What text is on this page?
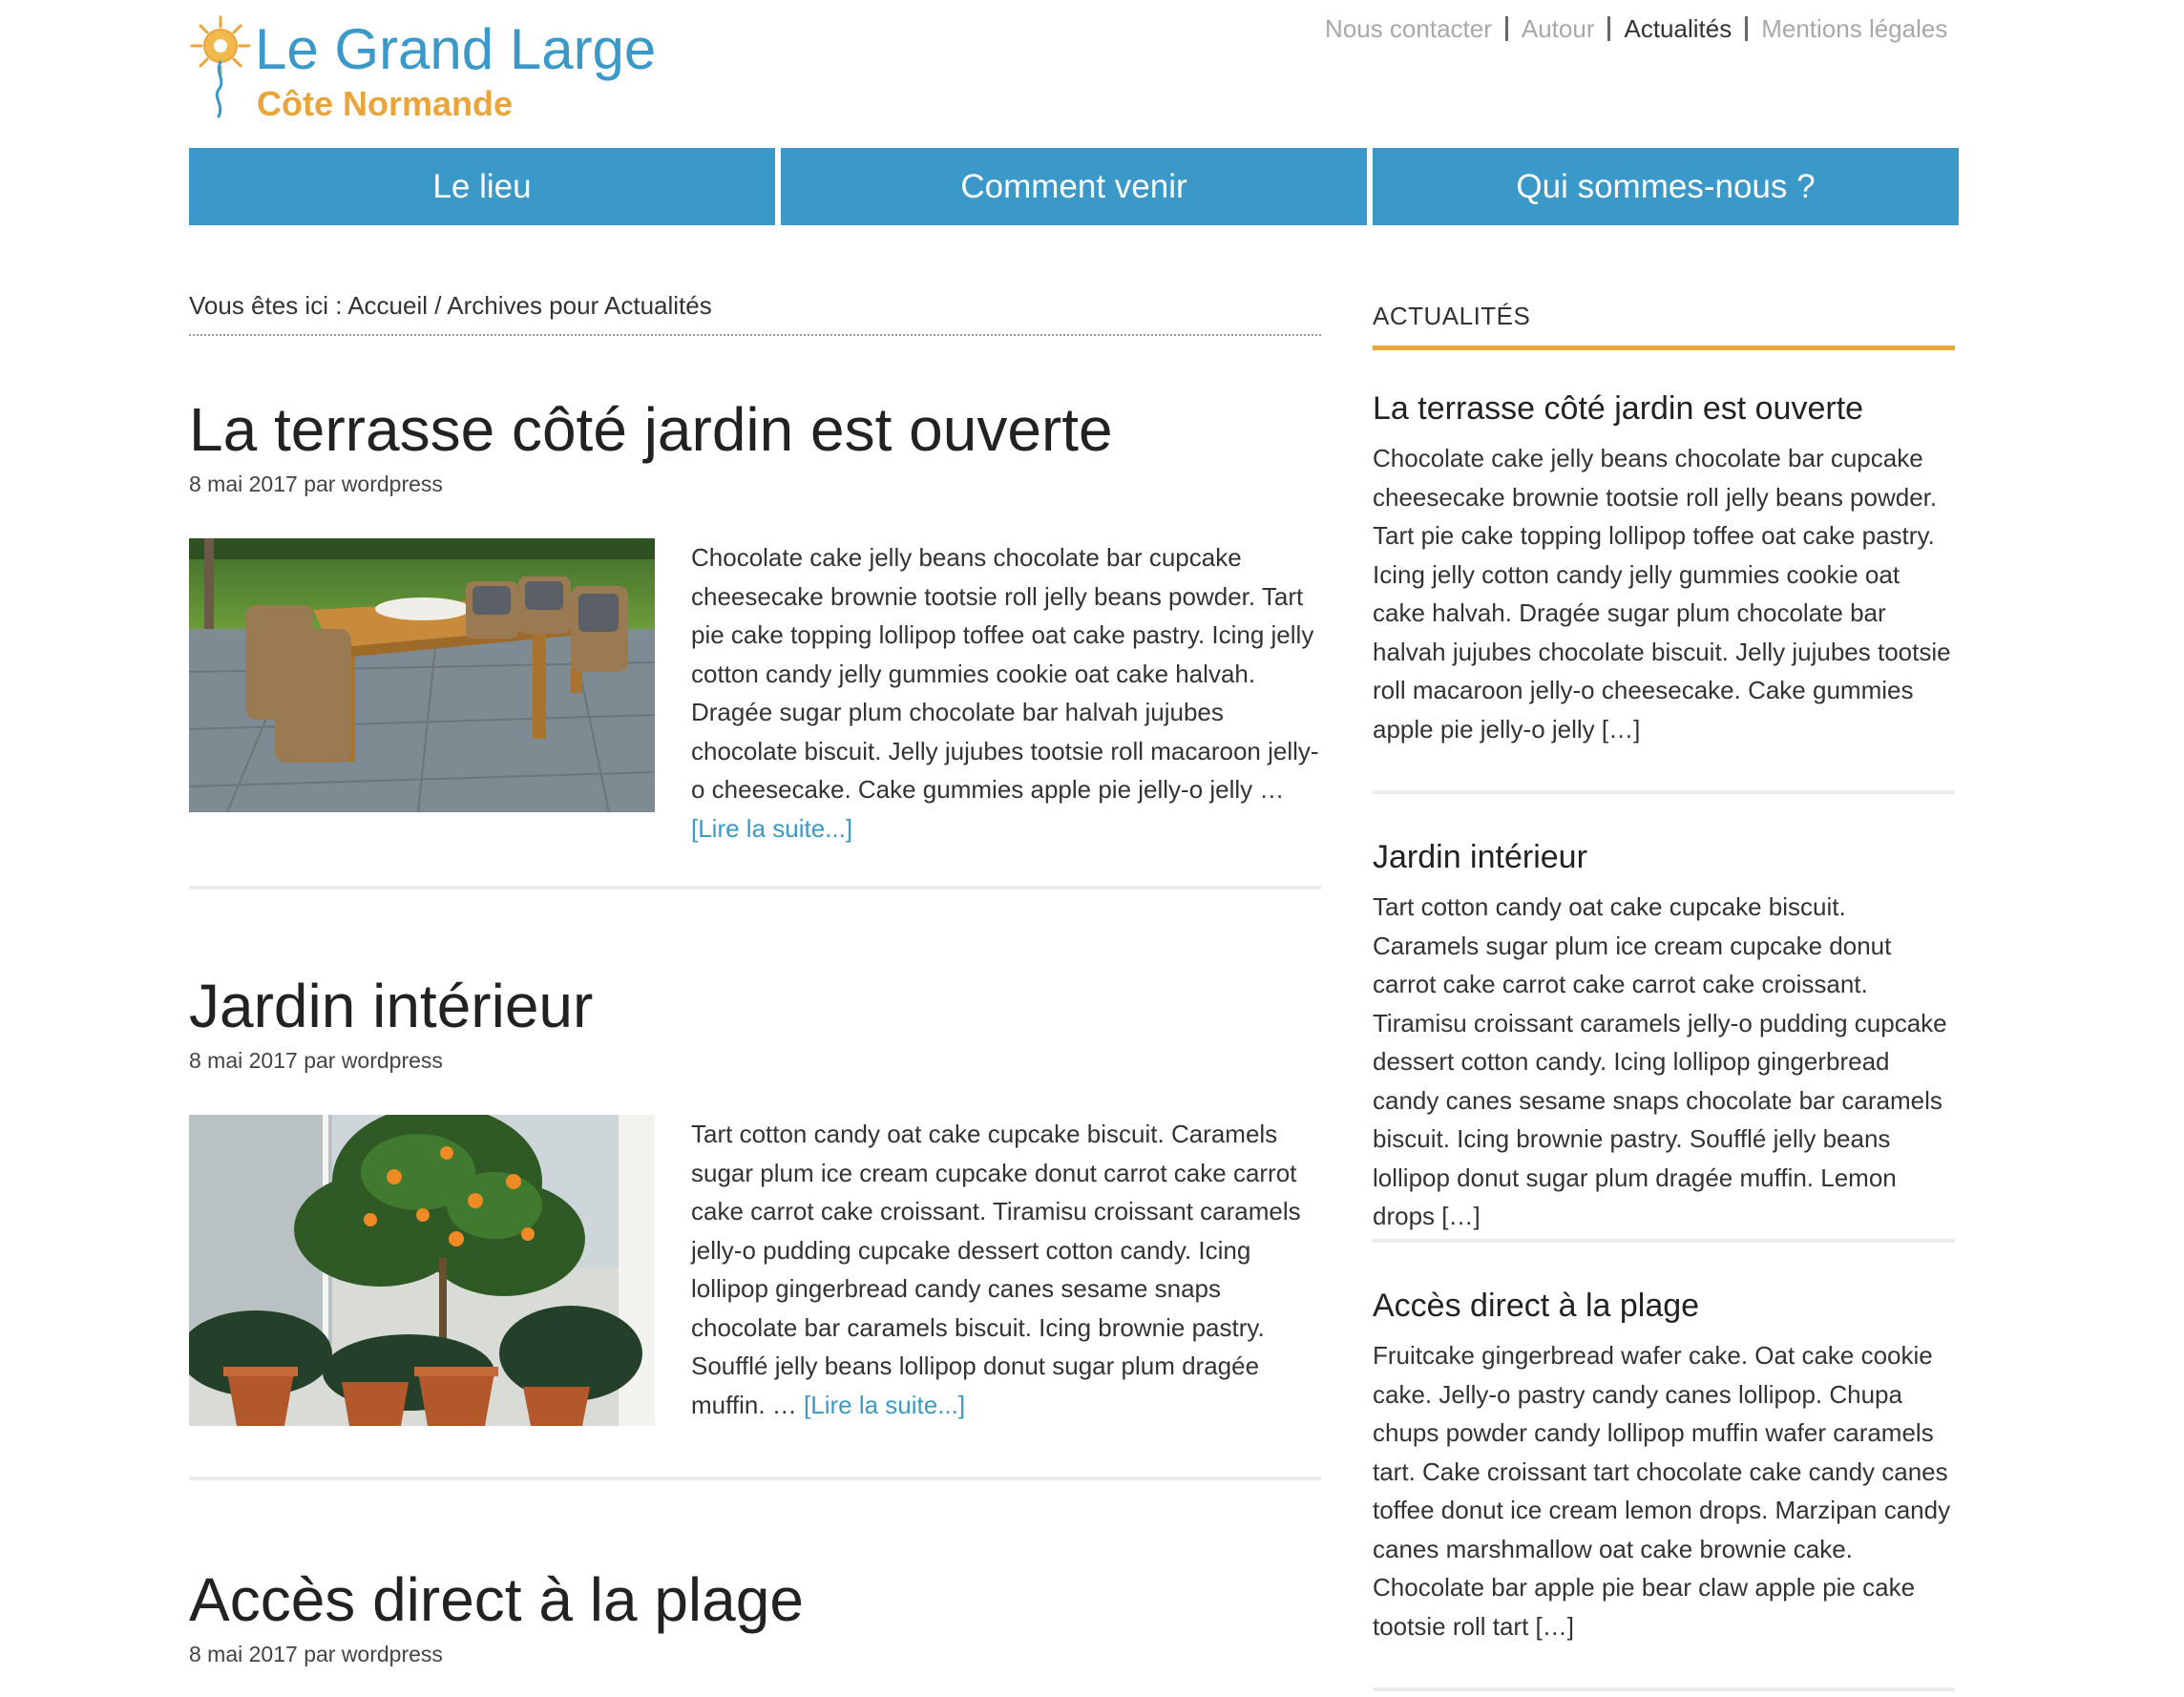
Le Grand Large
Côte Normande
Nous contacter	Autour	Actualités	Mentions légales
Le lieu	Comment venir	Qui sommes-nous ?
Vous êtes ici : Accueil / Archives pour Actualités
La terrasse côté jardin est ouverte
8 mai 2017 par wordpress
Chocolate cake jelly beans chocolate bar cupcake cheesecake brownie tootsie roll jelly beans powder. Tart pie cake topping lollipop toffee oat cake pastry. Icing jelly cotton candy jelly gummies cookie oat cake halvah. Dragée sugar plum chocolate bar halvah jujubes chocolate biscuit. Jelly jujubes tootsie roll macaroon jelly-o cheesecake. Cake gummies apple pie jelly-o jelly … [Lire la suite...]
Jardin intérieur
8 mai 2017 par wordpress
Tart cotton candy oat cake cupcake biscuit. Caramels sugar plum ice cream cupcake donut carrot cake carrot cake carrot cake croissant. Tiramisu croissant caramels jelly-o pudding cupcake dessert cotton candy. Icing lollipop gingerbread candy canes sesame snaps chocolate bar caramels biscuit. Icing brownie pastry. Soufflé jelly beans lollipop donut sugar plum dragée muffin. … [Lire la suite...]
Accès direct à la plage
8 mai 2017 par wordpress
ACTUALITÉS
La terrasse côté jardin est ouverte

Chocolate cake jelly beans chocolate bar cupcake cheesecake brownie tootsie roll jelly beans powder. Tart pie cake topping lollipop toffee oat cake pastry. Icing jelly cotton candy jelly gummies cookie oat cake halvah. Dragée sugar plum chocolate bar halvah jujubes chocolate biscuit. Jelly jujubes tootsie roll macaroon jelly-o cheesecake. Cake gummies apple pie jelly-o jelly […]

Jardin intérieur

Tart cotton candy oat cake cupcake biscuit. Caramels sugar plum ice cream cupcake donut carrot cake carrot cake carrot cake croissant. Tiramisu croissant caramels jelly-o pudding cupcake dessert cotton candy. Icing lollipop gingerbread candy canes sesame snaps chocolate bar caramels biscuit. Icing brownie pastry. Soufflé jelly beans lollipop donut sugar plum dragée muffin. Lemon drops […]

Accès direct à la plage

Fruitcake gingerbread wafer cake. Oat cake cookie cake. Jelly-o pastry candy canes lollipop. Chupa chups powder candy lollipop muffin wafer caramels tart. Cake croissant tart chocolate cake candy canes toffee donut ice cream lemon drops. Marzipan candy canes marshmallow oat cake brownie cake. Chocolate bar apple pie bear claw apple pie cake tootsie roll tart […]
